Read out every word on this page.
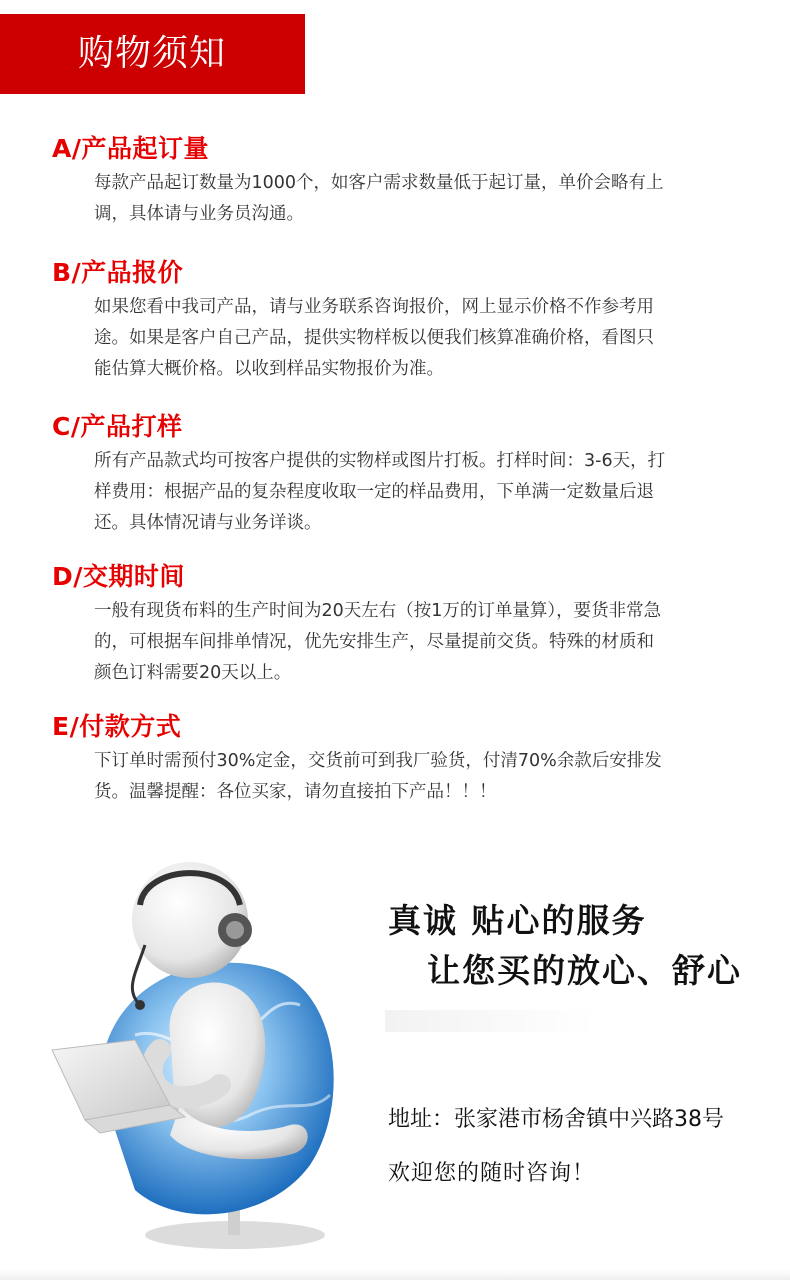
购物须知
A/产品起订量
每款产品起订数量为1000个，如客户需求数量低于起订量，单价会略有上
调，具体请与业务员沟通。
B/产品报价
如果您看中我司产品，请与业务联系咨询报价，网上显示价格不作参考用
途。如果是客户自己产品，提供实物样板以便我们核算准确价格，看图只
能估算大概价格。以收到样品实物报价为准。
C/产品打样
所有产品款式均可按客户提供的实物样或图片打板。打样时间：3-6天，打
样费用：根据产品的复杂程度收取一定的样品费用，下单满一定数量后退
还。具体情况请与业务详谈。
D/交期时间
一般有现货布料的生产时间为20天左右（按1万的订单量算），要货非常急
的，可根据车间排单情况，优先安排生产，尽量提前交货。特殊的材质和
颜色订料需要20天以上。
E/付款方式
下订单时需预付30%定金，交货前可到我厂验货，付清70%余款后安排发
货。温馨提醒：各位买家，请勿直接拍下产品！！！
真诚 贴心的服务
让您买的放心、舒心
地址：张家港市杨舍镇中兴路38号
欢迎您的随时咨询！
